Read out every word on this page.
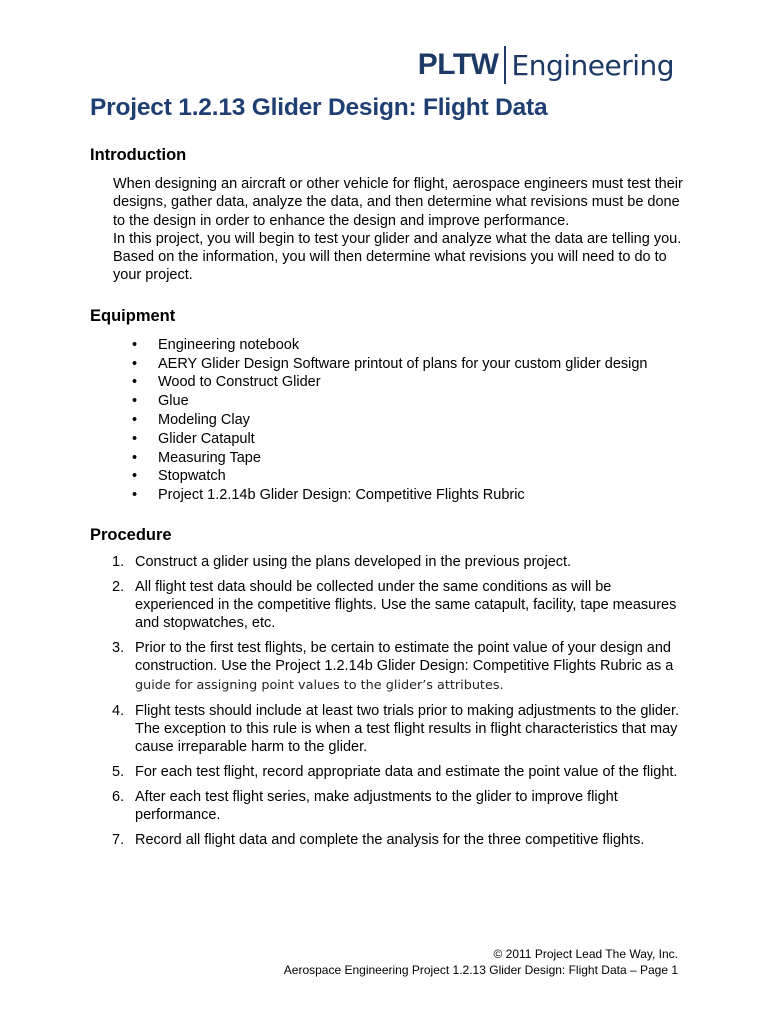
PLTW Engineering
Project 1.2.13 Glider Design: Flight Data
Introduction

When designing an aircraft or other vehicle for flight, aerospace engineers must test their designs, gather data, analyze the data, and then determine what revisions must be done to the design in order to enhance the design and improve performance.

In this project, you will begin to test your glider and analyze what the data are telling you. Based on the information, you will then determine what revisions you will need to do to your project.

Equipment
• Engineering notebook
• AERY Glider Design Software printout of plans for your custom glider design
• Wood to Construct Glider
• Glue
• Modeling Clay
• Glider Catapult
• Measuring Tape
• Stopwatch
• Project 1.2.14b Glider Design: Competitive Flights Rubric
Procedure
1. Construct a glider using the plans developed in the previous project.
2. All flight test data should be collected under the same conditions as will be experienced in the competitive flights. Use the same catapult, facility, tape measures and stopwatches, etc.
3. Prior to the first test flights, be certain to estimate the point value of your design and construction. Use the Project 1.2.14b Glider Design: Competitive Flights Rubric as a guide for assigning point values to the glider’s attributes.
4. Flight tests should include at least two trials prior to making adjustments to the glider. The exception to this rule is when a test flight results in flight characteristics that may cause irreparable harm to the glider.
5. For each test flight, record appropriate data and estimate the point value of the flight.
6. After each test flight series, make adjustments to the glider to improve flight performance.
7. Record all flight data and complete the analysis for the three competitive flights.
© 2011 Project Lead The Way, Inc.
Aerospace Engineering Project 1.2.13 Glider Design: Flight Data – Page 1
